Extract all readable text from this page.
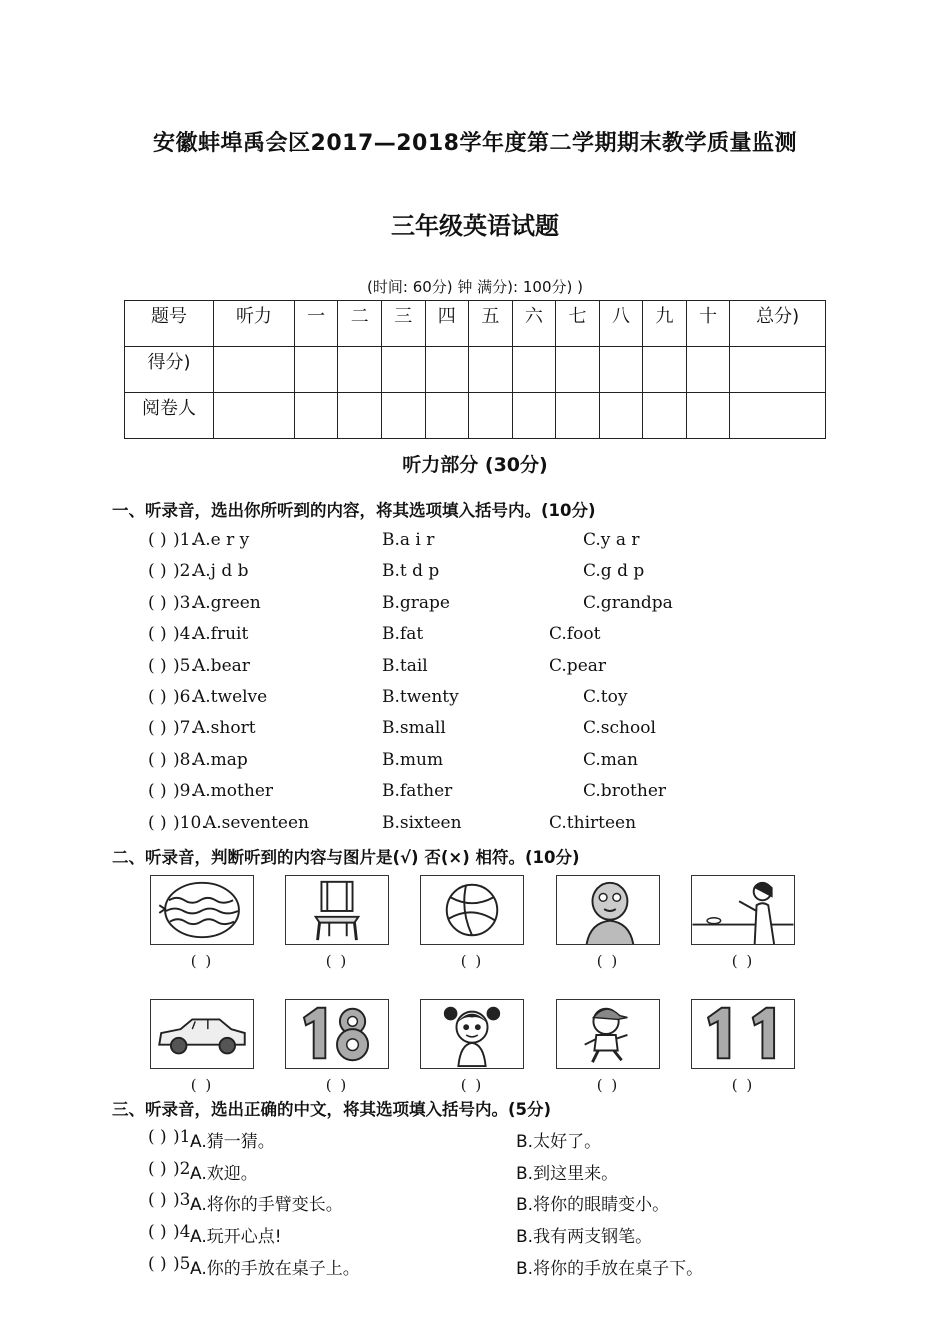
安徽蚌埠禹会区2017—2018学年度第二学期期末教学质量监测
三年级英语试题
(时间: 60分) 钟 满分): 100分) )
题号	听力	一	二	三	四	五	六	七	八	九	十	总分)
得分)												
阅卷人												
听力部分 (30分)
一、听录音，选出你所听到的内容，将其选项填入括号内。(10分)
( ) )1.
A.e r y	B.a i r	C.y a r
( ) )2.
A.j d b	B.t d p	C.g d p
( ) )3.
A.green	B.grape	C.grandpa
( ) )4.
A.fruit	B.fat	C.foot
( ) )5.
A.bear	B.tail	C.pear
( ) )6.
A.twelve	B.twenty	C.toy
( ) )7.
A.short	B.small	C.school
( ) )8.
A.map	B.mum	C.man
( ) )9.
A.mother	B.father	C.brother
( ) )10.
A.seventeen	B.sixteen	C.thirteen
二、听录音，判断听到的内容与图片是(√) 否(×) 相符。(10分)
( )	( )	( )	( )	( )
( )	( )	( )	( )	( )
三、听录音，选出正确的中文，将其选项填入括号内。(5分)
( ) )1.
A.猜一猜。	B.太好了。
( ) )2.
A.欢迎。	B.到这里来。
( ) )3.
A.将你的手臂变长。	B.将你的眼睛变小。
( ) )4.
A.玩开心点!	B.我有两支钢笔。
( ) )5.
A.你的手放在桌子上。	B.将你的手放在桌子下。
